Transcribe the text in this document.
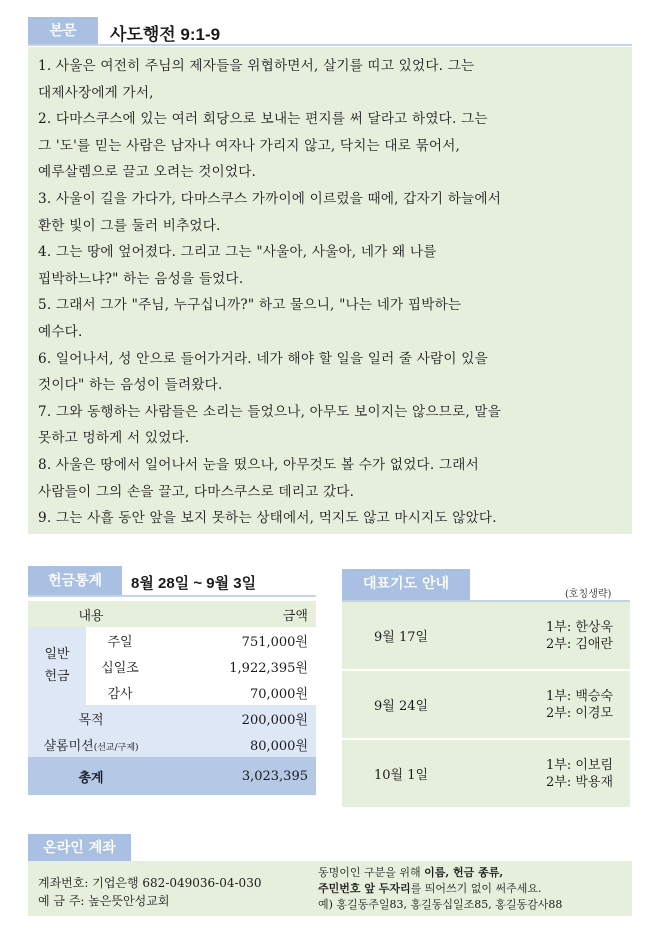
본문	사도행전 9:1-9
1. 사울은 여전히 주님의 제자들을 위협하면서, 살기를 띠고 있었다. 그는
대제사장에게 가서,
2. 다마스쿠스에 있는 여러 회당으로 보내는 편지를 써 달라고 하였다. 그는
그 '도'를 믿는 사람은 남자나 여자나 가리지 않고, 닥치는 대로 묶어서,
예루살렘으로 끌고 오려는 것이었다.
3. 사울이 길을 가다가, 다마스쿠스 가까이에 이르렀을 때에, 갑자기 하늘에서
환한 빛이 그를 둘러 비추었다.
4. 그는 땅에 엎어졌다. 그리고 그는 "사울아, 사울아, 네가 왜 나를
핍박하느냐?" 하는 음성을 들었다.
5. 그래서 그가 "주님, 누구십니까?" 하고 물으니, "나는 네가 핍박하는
예수다.
6. 일어나서, 성 안으로 들어가거라. 네가 해야 할 일을 일러 줄 사람이 있을
것이다" 하는 음성이 들려왔다.
7. 그와 동행하는 사람들은 소리는 들었으나, 아무도 보이지는 않으므로, 말을
못하고 멍하게 서 있었다.
8. 사울은 땅에서 일어나서 눈을 떴으나, 아무것도 볼 수가 없었다. 그래서
사람들이 그의 손을 끌고, 다마스쿠스로 데리고 갔다.
9. 그는 사흘 동안 앞을 보지 못하는 상태에서, 먹지도 않고 마시지도 않았다.
헌금통계	8월 28일 ~ 9월 3일
내용		금액

일반
헌금	주일	751,000원
	십일조	1,922,395원
	감사	70,000원
목적		200,000원
샬롬미션(선교/구제)		80,000원
총계		3,023,395
대표기도 안내
(호칭생략)
9월 17일	1부: 한상욱
2부: 김애란

9월 24일	1부: 백승숙
2부: 이경모

10월 1일	1부: 이보림
2부: 박용재
온라인 계좌
계좌번호: 기업은행 682-049036-04-030
예 금 주: 높은뜻안성교회
동명이인 구분을 위해 이름, 헌금 종류,
주민번호 앞 두자리를 띄어쓰기 없이 써주세요.
예) 홍길동주일83, 홍길동십일조85, 홍길동감사88
